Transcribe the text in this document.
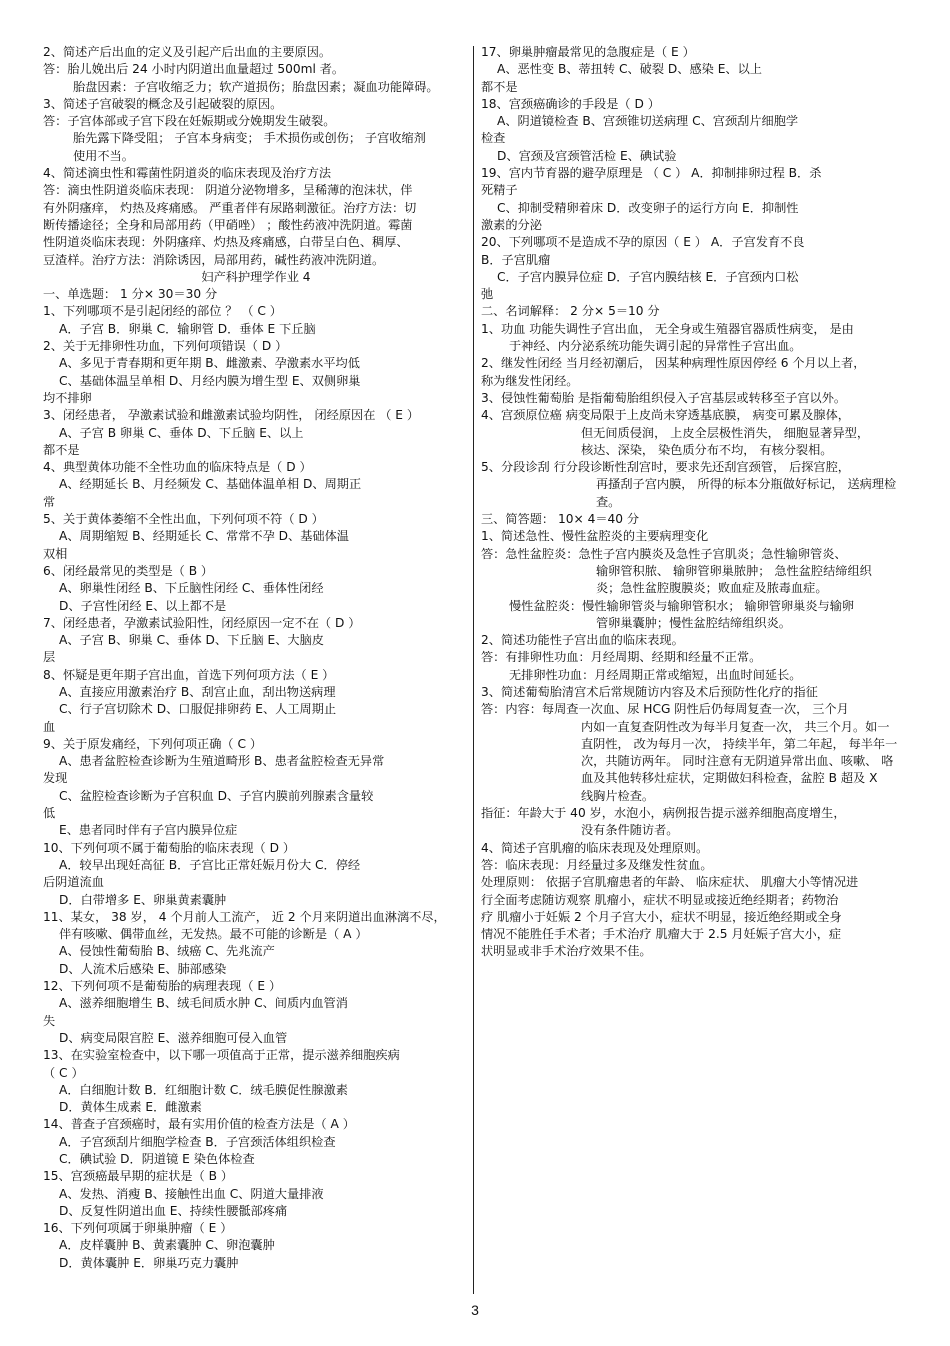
2、简述产后出血的定义及引起产后出血的主要原因。
答：胎儿娩出后 24 小时内阴道出血量超过 500ml 者。
胎盘因素：子宫收缩乏力；软产道损伤；胎盘因素；凝血功能障碍。
3、简述子宫破裂的概念及引起破裂的原因。
答：子宫体部或子宫下段在妊娠期或分娩期发生破裂。
胎先露下降受阻； 子宫本身病变； 手术损伤或创伤； 子宫收缩剂
使用不当。
4、简述滴虫性和霉菌性阴道炎的临床表现及治疗方法
答：滴虫性阴道炎临床表现： 阴道分泌物增多，呈稀薄的泡沫状，伴
有外阴瘙痒， 灼热及疼痛感。 严重者伴有尿路刺激征。治疗方法：切
断传播途径；全身和局部用药（甲硝唑） ；酸性药液冲洗阴道。霉菌
性阴道炎临床表现：外阴瘙痒、灼热及疼痛感，白带呈白色、稠厚、
豆渣样。治疗方法：消除诱因，局部用药，碱性药液冲洗阴道。
妇产科护理学作业 4
一、单选题： 1 分× 30＝30 分
1、下列哪项不是引起闭经的部位 ？ （ C ）
A．子宫 B．卵巢 C．输卵管 D．垂体 E 下丘脑
2、关于无排卵性功血，下列何项错误（ D ）
A、多见于青春期和更年期 B、雌激素、孕激素水平均低
C、基础体温呈单相 D、月经内膜为增生型 E、双侧卵巢
均不排卵
3、闭经患者， 孕激素试验和雌激素试验均阴性， 闭经原因在 （ E ）
A、子宫 B 卵巢 C、垂体 D、下丘脑 E、以上
都不是
4、典型黄体功能不全性功血的临床特点是（ D ）
A、经期延长 B、月经频发 C、基础体温单相 D、周期正
常
5、关于黄体萎缩不全性出血，下列何项不符（ D ）
A、周期缩短 B、经期延长 C、常常不孕 D、基础体温
双相
6、闭经最常见的类型是（ B ）
A、卵巢性闭经 B、下丘脑性闭经 C、垂体性闭经
D、子宫性闭经 E、以上都不是
7、闭经患者，孕激素试验阳性，闭经原因一定不在（ D ）
A、子宫 B、卵巢 C、垂体 D、下丘脑 E、大脑皮
层
8、怀疑是更年期子宫出血，首选下列何项方法（ E ）
A、直接应用激素治疗 B、刮宫止血，刮出物送病理
C、行子宫切除术 D、口服促排卵药 E、人工周期止
血
9、关于原发痛经，下列何项正确（ C ）
A、患者盆腔检查诊断为生殖道畸形 B、患者盆腔检查无异常
发现
C、盆腔检查诊断为子宫积血 D、子宫内膜前列腺素含量较
低
E、患者同时伴有子宫内膜异位症
10、下列何项不属于葡萄胎的临床表现（ D ）
A．较早出现妊高征 B．子宫比正常妊娠月份大 C．停经
后阴道流血
D．白带增多 E、卵巢黄素囊肿
11、某女， 38 岁， 4 个月前人工流产， 近 2 个月来阴道出血淋漓不尽，
伴有咳嗽、偶带血丝，无发热。最不可能的诊断是（ A ）
A、侵蚀性葡萄胎 B、绒癌 C、先兆流产
D、人流术后感染 E、肺部感染
12、下列何项不是葡萄胎的病理表现（ E ）
A、滋养细胞增生 B、绒毛间质水肿 C、间质内血管消
失
D、病变局限宫腔 E、滋养细胞可侵入血管
13、在实验室检查中，以下哪一项值高于正常，提示滋养细胞疾病
（ C ）
A．白细胞计数 B．红细胞计数 C．绒毛膜促性腺激素
D．黄体生成素 E．雌激素
14、普查子宫颈癌时，最有实用价值的检查方法是（ A ）
A．子宫颈刮片细胞学检查 B．子宫颈活体组织检查
C．碘试验 D．阴道镜 E 染色体检查
15、宫颈癌最早期的症状是（ B ）
A、发热、消瘦 B、接触性出血 C、阴道大量排液
D、反复性阴道出血 E、持续性腰骶部疼痛
16、下列何项属于卵巢肿瘤（ E ）
A．皮样囊肿 B、黄素囊肿 C、卵泡囊肿
D．黄体囊肿 E．卵巢巧克力囊肿
17、卵巢肿瘤最常见的急腹症是（ E ）
A、恶性变 B、蒂扭转 C、破裂 D、感染 E、以上
都不是
18、宫颈癌确诊的手段是（ D ）
A、阴道镜检查 B、宫颈锥切送病理 C、宫颈刮片细胞学
检查
D、宫颈及宫颈管活检 E、碘试验
19、宫内节育器的避孕原理是 （ C ） A．抑制排卵过程 B．杀
死精子
C、抑制受精卵着床 D．改变卵子的运行方向 E．抑制性
激素的分泌
20、下列哪项不是造成不孕的原因（ E ） A．子宫发育不良
B．子宫肌瘤
C．子宫内膜异位症 D．子宫内膜结核 E．子宫颈内口松
弛
二、名词解释： 2 分× 5＝10 分
1、功血 功能失调性子宫出血， 无全身或生殖器官器质性病变， 是由
于神经、内分泌系统功能失调引起的异常性子宫出血。
2、继发性闭经 当月经初潮后， 因某种病理性原因停经 6 个月以上者，
称为继发性闭经。
3、侵蚀性葡萄胎 是指葡萄胎组织侵入子宫基层或转移至子宫以外。
4、宫颈原位癌 病变局限于上皮尚未穿透基底膜， 病变可累及腺体，
但无间质侵润， 上皮全层极性消失， 细胞显著异型，
核达、深染， 染色质分布不均， 有核分裂相。
5、分段诊刮 行分段诊断性刮宫时，要求先还刮宫颈管， 后探宫腔，
再搔刮子宫内膜， 所得的标本分瓶做好标记， 送病理检
查。
三、简答题： 10× 4＝40 分
1、简述急性、慢性盆腔炎的主要病理变化
答：急性盆腔炎：急性子宫内膜炎及急性子宫肌炎；急性输卵管炎、
输卵管积脓、 输卵管卵巢脓肿； 急性盆腔结缔组织
炎；急性盆腔腹膜炎；败血症及脓毒血症。
慢性盆腔炎：慢性输卵管炎与输卵管积水； 输卵管卵巢炎与输卵
管卵巢囊肿；慢性盆腔结缔组织炎。
2、简述功能性子宫出血的临床表现。
答：有排卵性功血：月经周期、经期和经量不正常。
无排卵性功血：月经周期正常或缩短，出血时间延长。
3、简述葡萄胎清宫术后常规随访内容及术后预防性化疗的指征
答：内容：每周查一次血、尿 HCG 阴性后仍每周复查一次， 三个月
内如一直复查阴性改为每半月复查一次， 共三个月。如一
直阴性， 改为每月一次， 持续半年，第二年起， 每半年一
次，共随访两年。 同时注意有无阴道异常出血、咳嗽、 咯
血及其他转移灶症状，定期做妇科检查，盆腔 B 超及 X
线胸片检查。
指征：年龄大于 40 岁，水泡小，病例报告提示滋养细胞高度增生，
没有条件随访者。
4、简述子宫肌瘤的临床表现及处理原则。
答：临床表现：月经量过多及继发性贫血。
处理原则： 依据子宫肌瘤患者的年龄、 临床症状、 肌瘤大小等情况进
行全面考虑随访观察 肌瘤小，症状不明显或接近绝经期者；药物治
疗 肌瘤小于妊娠 2 个月子宫大小，症状不明显，接近绝经期或全身
情况不能胜任手术者；手术治疗 肌瘤大于 2.5 月妊娠子宫大小，症
状明显或非手术治疗效果不佳。
3
